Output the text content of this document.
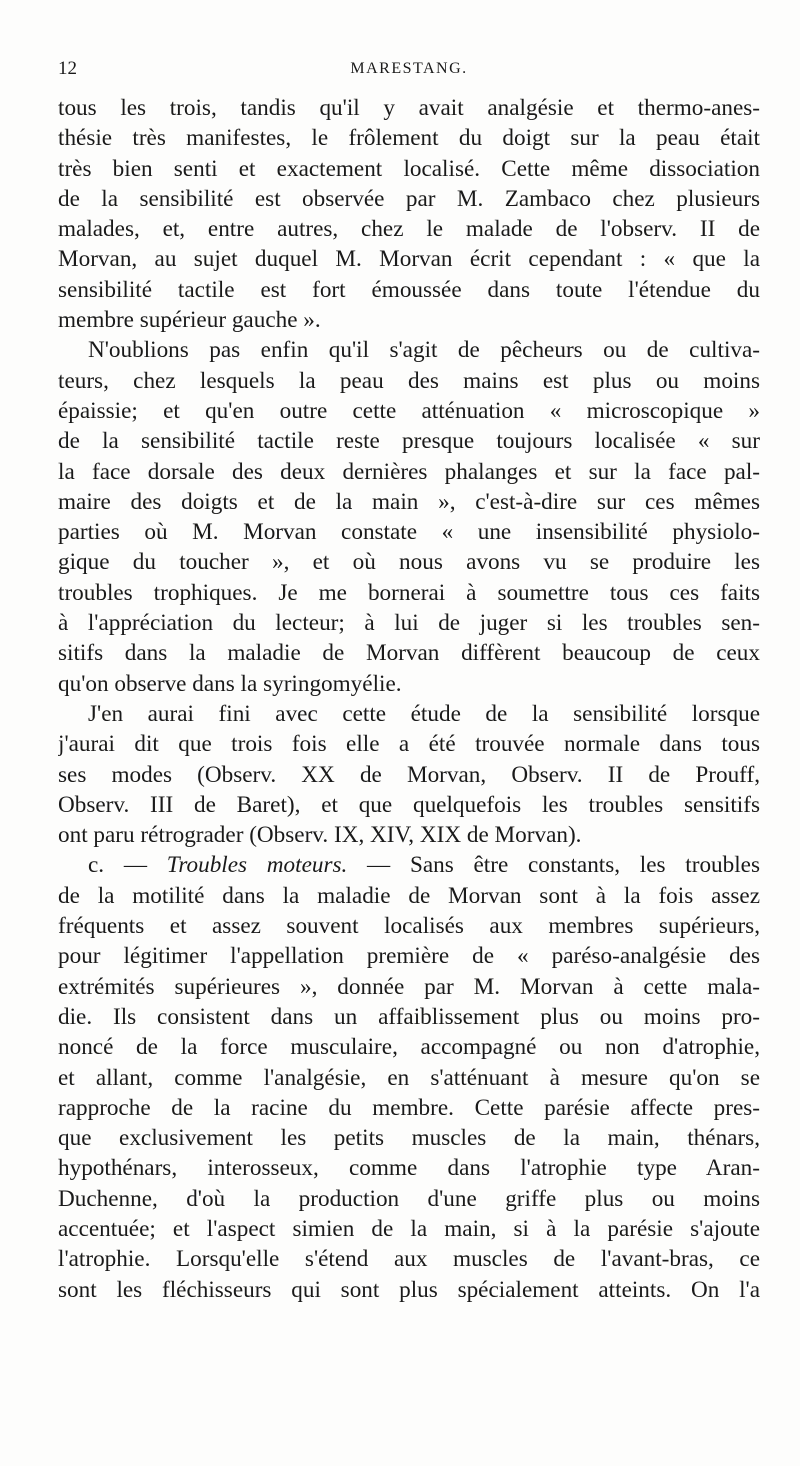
12	MARESTANG.
tous les trois, tandis qu'il y avait analgésie et thermo-anes-
thésie très manifestes, le frôlement du doigt sur la peau était
très bien senti et exactement localisé. Cette même dissociation
de la sensibilité est observée par M. Zambaco chez plusieurs
malades, et, entre autres, chez le malade de l'observ. II de
Morvan, au sujet duquel M. Morvan écrit cependant : « que la
sensibilité tactile est fort émoussée dans toute l'étendue du
membre supérieur gauche ».
N'oublions pas enfin qu'il s'agit de pêcheurs ou de cultiva-
teurs, chez lesquels la peau des mains est plus ou moins
épaissie; et qu'en outre cette atténuation « microscopique »
de la sensibilité tactile reste presque toujours localisée « sur
la face dorsale des deux dernières phalanges et sur la face pal-
maire des doigts et de la main », c'est-à-dire sur ces mêmes
parties où M. Morvan constate « une insensibilité physiolo-
gique du toucher », et où nous avons vu se produire les
troubles trophiques. Je me bornerai à soumettre tous ces faits
à l'appréciation du lecteur; à lui de juger si les troubles sen-
sitifs dans la maladie de Morvan diffèrent beaucoup de ceux
qu'on observe dans la syringomyélie.
J'en aurai fini avec cette étude de la sensibilité lorsque
j'aurai dit que trois fois elle a été trouvée normale dans tous
ses modes (Observ. XX de Morvan, Observ. II de Prouff,
Observ. III de Baret), et que quelquefois les troubles sensitifs
ont paru rétrograder (Observ. IX, XIV, XIX de Morvan).
c. — Troubles moteurs. — Sans être constants, les troubles
de la motilité dans la maladie de Morvan sont à la fois assez
fréquents et assez souvent localisés aux membres supérieurs,
pour légitimer l'appellation première de « paréso-analgésie des
extrémités supérieures », donnée par M. Morvan à cette mala-
die. Ils consistent dans un affaiblissement plus ou moins pro-
noncé de la force musculaire, accompagné ou non d'atrophie,
et allant, comme l'analgésie, en s'atténuant à mesure qu'on se
rapproche de la racine du membre. Cette parésie affecte pres-
que exclusivement les petits muscles de la main, thénars,
hypothénars, interosseux, comme dans l'atrophie type Aran-
Duchenne, d'où la production d'une griffe plus ou moins
accentuée; et l'aspect simien de la main, si à la parésie s'ajoute
l'atrophie. Lorsqu'elle s'étend aux muscles de l'avant-bras, ce
sont les fléchisseurs qui sont plus spécialement atteints. On l'a
